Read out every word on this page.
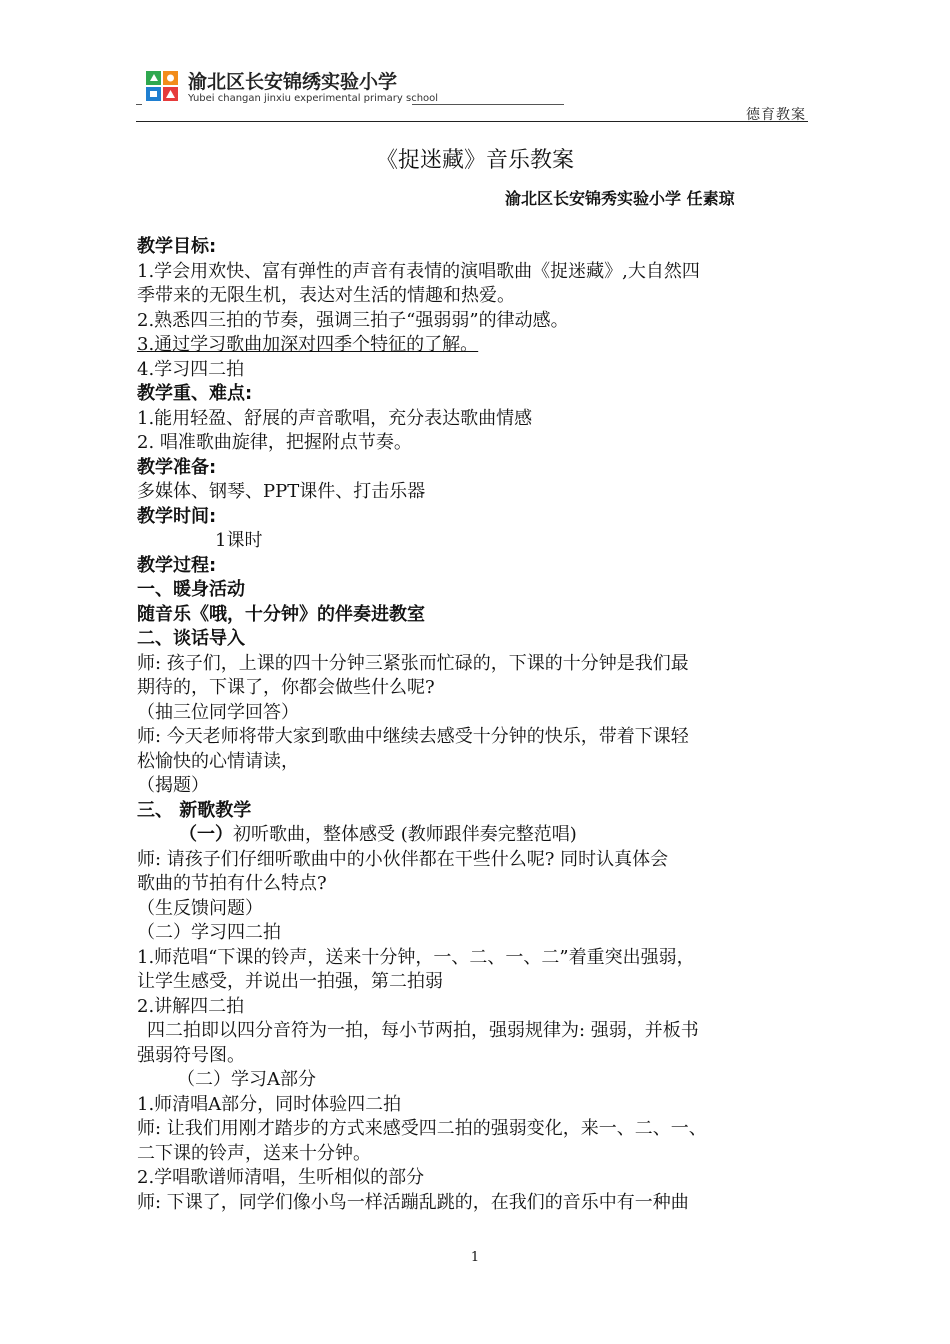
渝北区长安锦绣实验小学
Yubei changan jinxiu experimental primary school
德育教案
《捉迷藏》音乐教案
渝北区长安锦秀实验小学 任素琼
教学目标:
1.学会用欢快、富有弹性的声音有表情的演唱歌曲《捉迷藏》,大自然四
季带来的无限生机，表达对生活的情趣和热爱。
2.熟悉四三拍的节奏，强调三拍子“强弱弱”的律动感。
3.通过学习歌曲加深对四季个特征的了解。
4.学习四二拍
教学重、难点:
1.能用轻盈、舒展的声音歌唱，充分表达歌曲情感
2. 唱准歌曲旋律，把握附点节奏。
教学准备:
多媒体、钢琴、PPT课件、打击乐器
教学时间:
1课时
教学过程:
一、暖身活动
随音乐《哦，十分钟》的伴奏进教室
二、谈话导入
师: 孩子们，上课的四十分钟三紧张而忙碌的，下课的十分钟是我们最
期待的，下课了，你都会做些什么呢?
（抽三位同学回答）
师: 今天老师将带大家到歌曲中继续去感受十分钟的快乐，带着下课轻
松愉快的心情请读，
（揭题）
三、 新歌教学
（一）初听歌曲，整体感受 (教师跟伴奏完整范唱)
师: 请孩子们仔细听歌曲中的小伙伴都在干些什么呢? 同时认真体会
歌曲的节拍有什么特点?
（生反馈问题）
（二）学习四二拍
1.师范唱“下课的铃声，送来十分钟，一、二、一、二”着重突出强弱，
让学生感受，并说出一拍强，第二拍弱
2.讲解四二拍
四二拍即以四分音符为一拍，每小节两拍，强弱规律为: 强弱，并板书
强弱符号图。
（二）学习A部分
1.师清唱A部分，同时体验四二拍
师: 让我们用刚才踏步的方式来感受四二拍的强弱变化，来一、二、一、
二下课的铃声，送来十分钟。
2.学唱歌谱师清唱，生听相似的部分
师: 下课了，同学们像小鸟一样活蹦乱跳的，在我们的音乐中有一种曲
1
